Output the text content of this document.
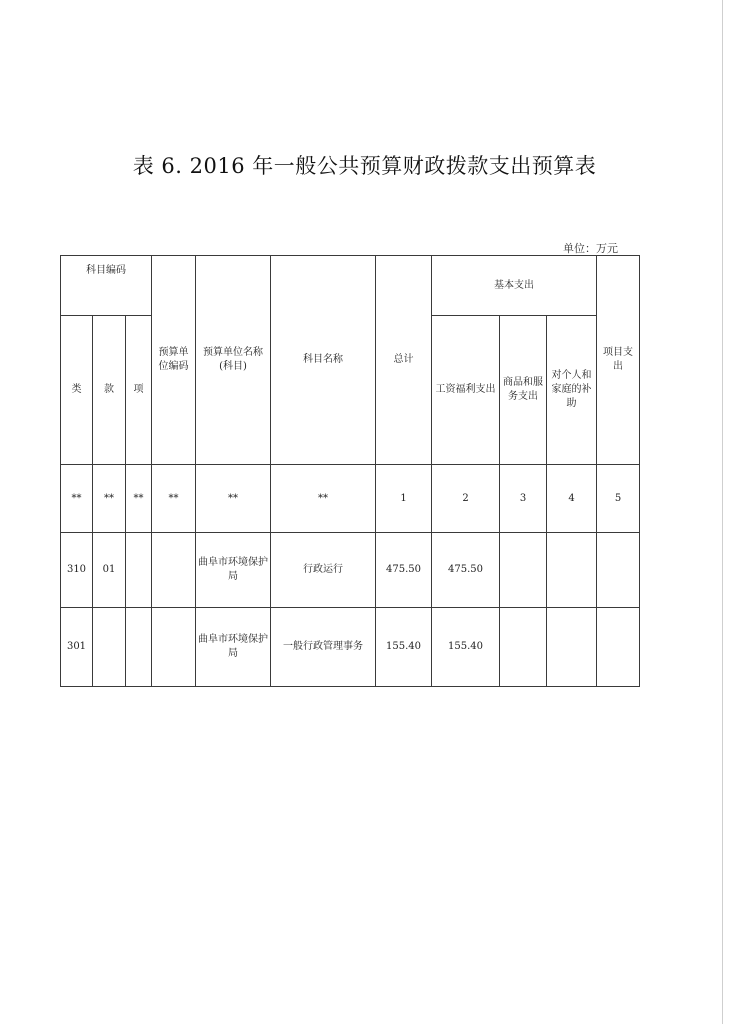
表 6. 2016 年一般公共预算财政拨款支出预算表
单位：万元
科目编码			预算单位编码	预算单位名称(科目)	科目名称	总计	基本支出			项目支出
类	款	项					工资福利支出	商品和服务支出	对个人和家庭的补助	
**	**	**	**	**	**	1	2	3	4	5
310	01			曲阜市环境保护局	行政运行	475.50	475.50			
301				曲阜市环境保护局	一般行政管理事务	155.40	155.40			
